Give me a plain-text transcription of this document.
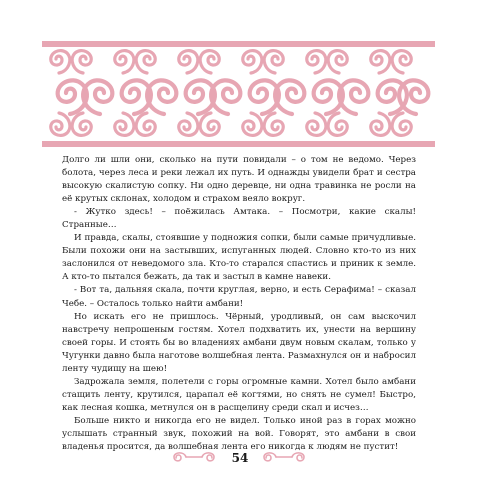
Долго ли шли они, сколько на пути повидали – о том не ведомо. Через болота, через леса и реки лежал их путь. И однажды увидели брат и сестра высокую скалистую сопку. Ни одно деревце, ни одна травинка не росли на её крутых склонах, холодом и страхом веяло вокруг.

- Жутко здесь! – поёжилась Амтака. – Посмотри, какие скалы! Странные…

И правда, скалы, стоявшие у подножия сопки, были самые причудливые. Были похожи они на застывших, испуганных людей. Словно кто-то из них заслонился от неведомого зла. Кто-то старался спастись и приник к земле. А кто-то пытался бежать, да так и застыл в камне навеки.

- Вот та, дальняя скала, почти круглая, верно, и есть Серафима! – сказал Чебе. – Осталось только найти амбани!

Но искать его не пришлось. Чёрный, уродливый, он сам выскочил навстречу непрошеным гостям. Хотел подхватить их, унести на вершину своей горы. И стоять бы во владениях амбани двум новым скалам, только у Чугунки давно была наготове волшебная лента. Размахнулся он и набросил ленту чудищу на шею!

Задрожала земля, полетели с горы огромные камни. Хотел было амбани стащить ленту, крутился, царапал её когтями, но снять не сумел! Быстро, как лесная кошка, метнулся он в расщелину среди скал и исчез…

Больше никто и никогда его не видел. Только иной раз в горах можно услышать странный звук, похожий на вой. Говорят, это амбани в свои владенья просится, да волшебная лента его никогда к людям не пустит!

54
